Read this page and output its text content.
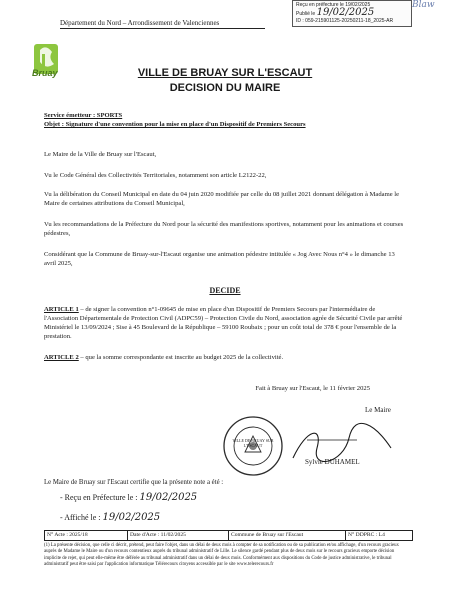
Département du Nord – Arrondissement de Valenciennes
Reçu en préfecture le 19/02/2025
Publié le 19/02/2025
ID : 059-215901125-20250211-18_2025-AR
Blaw
Bruay	VILLE DE BRUAY SUR L'ESCAUT
DECISION DU MAIRE
Service émetteur : SPORTS
Objet : Signature d'une convention pour la mise en place d'un Dispositif de Premiers Secours
Le Maire de la Ville de Bruay sur l'Escaut,
Vu le Code Général des Collectivités Territoriales, notamment son article L2122-22,
Vu la délibération du Conseil Municipal en date du 04 juin 2020 modifiée par celle du 08 juillet 2021 donnant délégation à Madame le Maire de certaines attributions du Conseil Municipal,
Vu les recommandations de la Préfecture du Nord pour la sécurité des manifestions sportives, notamment pour les animations et courses pédestres,
Considérant que la Commune de Bruay-sur-l'Escaut organise une animation pédestre intitulée « Jog Avec Nous n°4 » le dimanche 13 avril 2025,
DECIDE
ARTICLE 1 – de signer la convention n°1-09645 de mise en place d'un Dispositif de Premiers Secours par l'intermédiaire de l'Association Départementale de Protection Civil (ADPC59) – Protection Civile du Nord, association agrée de Sécurité Civile par arrêté Ministériel le 13/09/2024 ; Sise à 45 Boulevard de la République – 59100 Roubaix ; pour un coût total de 378 € pour l'ensemble de la prestation.
ARTICLE 2 – que la somme correspondante est inscrite au budget 2025 de la collectivité.
Fait à Bruay sur l'Escaut, le 11 février 2025
Le Maire
VILLE DE BRUAY SUR L'ESCAUT
Sylvie DUHAMEL
Le Maire de Bruay sur l'Escaut certifie que la présente note a été :
- Reçu en Préfecture le : 19/02/2025
- Affiché le : 19/02/2025
N° Acte : 2025/18	Date d'Acte : 11/02/2025	Commune de Bruay sur l'Escaut	N° DDPRC : L4
(1) La présente décision, que celle ci décrit, prétend, peut faire l'objet, dans un délai de deux mois à compter de sa notification ou de sa publication et/ou affichage, d'un recours gracieux auprès de Madame le Maire ou d'un recours contentieux auprès du tribunal administratif de Lille. Le silence gardé pendant plus de deux mois sur le recours gracieux emporte décision implicite de rejet, qui peut elle-même être déférée au tribunal administratif dans un délai de deux mois. Conformément aux dispositions du Code de justice administrative, le tribunal administratif peut être saisi par l'application informatique Télérecours citoyens accessible par le site www.telerecours.fr
